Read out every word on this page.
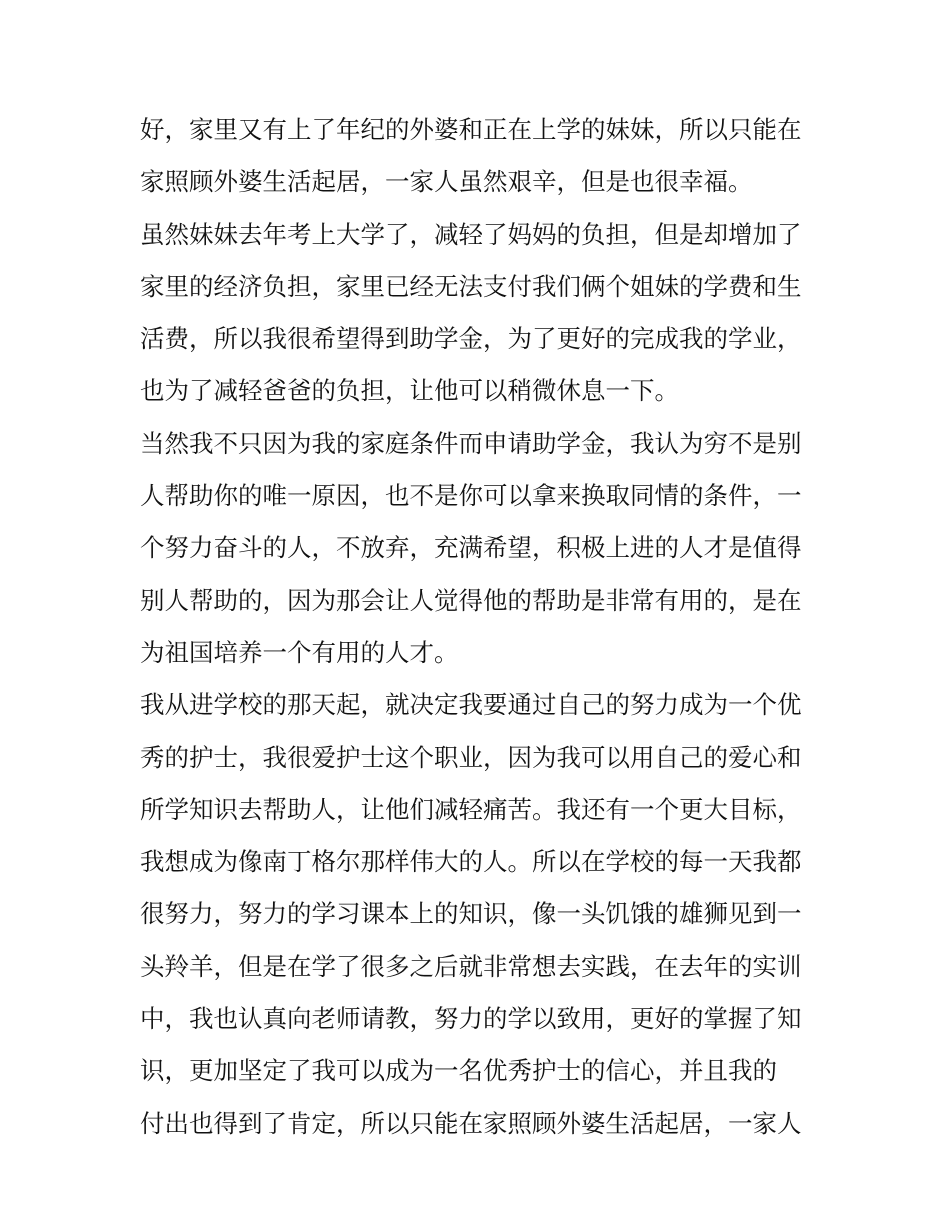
好，家里又有上了年纪的外婆和正在上学的妹妹，所以只能在
家照顾外婆生活起居，一家人虽然艰辛，但是也很幸福。
虽然妹妹去年考上大学了，减轻了妈妈的负担，但是却增加了
家里的经济负担，家里已经无法支付我们俩个姐妹的学费和生
活费，所以我很希望得到助学金，为了更好的完成我的学业，
也为了减轻爸爸的负担，让他可以稍微休息一下。
当然我不只因为我的家庭条件而申请助学金，我认为穷不是别
人帮助你的唯一原因，也不是你可以拿来换取同情的条件，一
个努力奋斗的人，不放弃，充满希望，积极上进的人才是值得
别人帮助的，因为那会让人觉得他的帮助是非常有用的，是在
为祖国培养一个有用的人才。
我从进学校的那天起，就决定我要通过自己的努力成为一个优
秀的护士，我很爱护士这个职业，因为我可以用自己的爱心和
所学知识去帮助人，让他们减轻痛苦。我还有一个更大目标，
我想成为像南丁格尔那样伟大的人。所以在学校的每一天我都
很努力，努力的学习课本上的知识，像一头饥饿的雄狮见到一
头羚羊，但是在学了很多之后就非常想去实践，在去年的实训
中，我也认真向老师请教，努力的学以致用，更好的掌握了知
识，更加坚定了我可以成为一名优秀护士的信心，并且我的
付出也得到了肯定，所以只能在家照顾外婆生活起居，一家人
